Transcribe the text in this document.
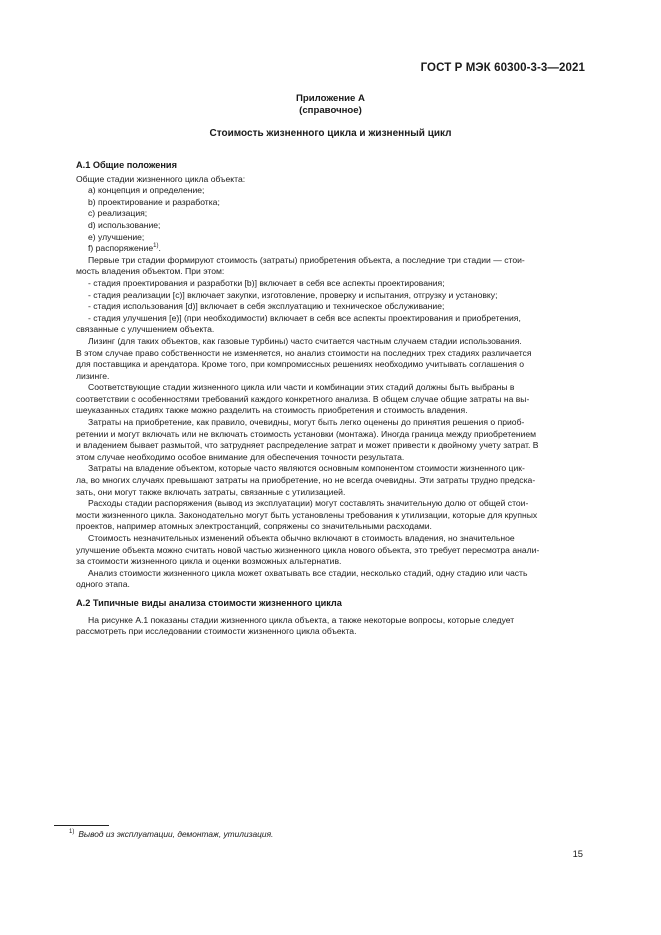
ГОСТ Р МЭК 60300-3-3—2021
Приложение А
(справочное)
Стоимость жизненного цикла и жизненный цикл
А.1 Общие положения
Общие стадии жизненного цикла объекта:
a) концепция и определение;
b) проектирование и разработка;
c) реализация;
d) использование;
e) улучшение;
f) распоряжение$^{1)}$.
Первые три стадии формируют стоимость (затраты) приобретения объекта, а последние три стадии — стои-
мость владения объектом. При этом:
- стадия проектирования и разработки [b)] включает в себя все аспекты проектирования;
- стадия реализации [c)] включает закупки, изготовление, проверку и испытания, отгрузку и установку;
- стадия использования [d)] включает в себя эксплуатацию и техническое обслуживание;
- стадия улучшения [e)] (при необходимости) включает в себя все аспекты проектирования и приобретения,
связанные с улучшением объекта.
Лизинг (для таких объектов, как газовые турбины) часто считается частным случаем стадии использования.
В этом случае право собственности не изменяется, но анализ стоимости на последних трех стадиях различается
для поставщика и арендатора. Кроме того, при компромиссных решениях необходимо учитывать соглашения о
лизинге.
Соответствующие стадии жизненного цикла или части и комбинации этих стадий должны быть выбраны в
соответствии с особенностями требований каждого конкретного анализа. В общем случае общие затраты на вы-
шеуказанных стадиях также можно разделить на стоимость приобретения и стоимость владения.
Затраты на приобретение, как правило, очевидны, могут быть легко оценены до принятия решения о приоб-
ретении и могут включать или не включать стоимость установки (монтажа). Иногда граница между приобретением
и владением бывает размытой, что затрудняет распределение затрат и может привести к двойному учету затрат. В
этом случае необходимо особое внимание для обеспечения точности результата.
Затраты на владение объектом, которые часто являются основным компонентом стоимости жизненного цик-
ла, во многих случаях превышают затраты на приобретение, но не всегда очевидны. Эти затраты трудно предска-
зать, они могут также включать затраты, связанные с утилизацией.
Расходы стадии распоряжения (вывод из эксплуатации) могут составлять значительную долю от общей стои-
мости жизненного цикла. Законодательно могут быть установлены требования к утилизации, которые для крупных
проектов, например атомных электростанций, сопряжены со значительными расходами.
Стоимость незначительных изменений объекта обычно включают в стоимость владения, но значительное
улучшение объекта можно считать новой частью жизненного цикла нового объекта, это требует пересмотра анали-
за стоимости жизненного цикла и оценки возможных альтернатив.
Анализ стоимости жизненного цикла может охватывать все стадии, несколько стадий, одну стадию или часть
одного этапа.
А.2 Типичные виды анализа стоимости жизненного цикла
На рисунке А.1 показаны стадии жизненного цикла объекта, а также некоторые вопросы, которые следует
рассмотреть при исследовании стоимости жизненного цикла объекта.
$^{1)}$ Вывод из эксплуатации, демонтаж, утилизация.
15
